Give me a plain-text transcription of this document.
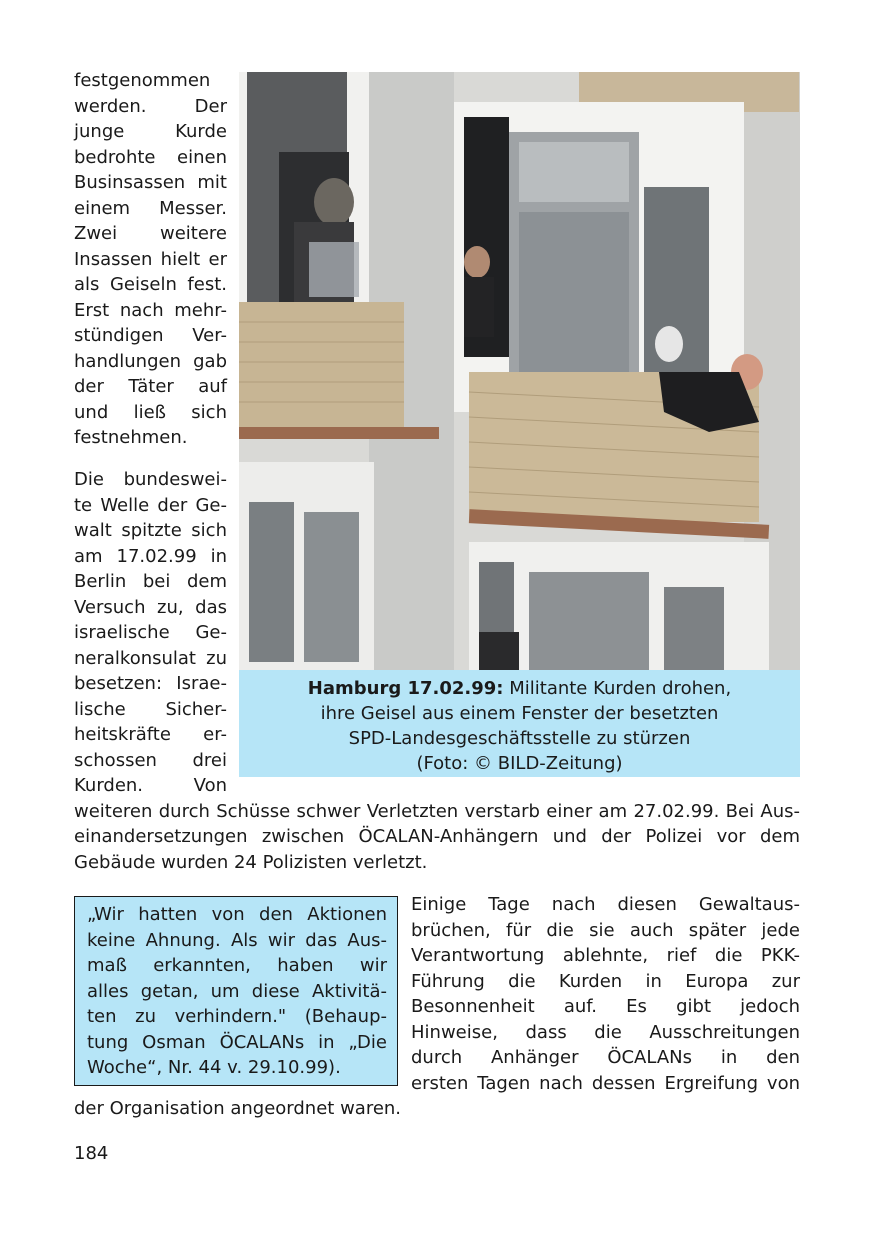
festgenommen
werden. Der
junge Kurde
bedrohte einen
Businsassen mit
einem Messer.
Zwei weitere
Insassen hielt er
als Geiseln fest.
Erst nach mehr-
stündigen Ver-
handlungen gab
der Täter auf
und ließ sich
festnehmen.
Die bundeswei-
te Welle der Ge-
walt spitzte sich
am 17.02.99 in
Berlin bei dem
Versuch zu, das
israelische Ge-
neralkonsulat zu
besetzen: Israe-
lische Sicher-
heitskräfte er-
schossen drei
Kurden. Von
Hamburg 17.02.99: Militante Kurden drohen,
ihre Geisel aus einem Fenster der besetzten
SPD-Landesgeschäftsstelle zu stürzen
(Foto: © BILD-Zeitung)
weiteren durch Schüsse schwer Verletzten verstarb einer am 27.02.99. Bei Aus-
einandersetzungen zwischen ÖCALAN-Anhängern und der Polizei vor dem
Gebäude wurden 24 Polizisten verletzt.
„Wir hatten von den Aktionen
keine Ahnung. Als wir das Aus-
maß erkannten, haben wir
alles getan, um diese Aktivitä-
ten zu verhindern." (Behaup-
tung Osman ÖCALANs in „Die
Woche“, Nr. 44 v. 29.10.99).
Einige Tage nach diesen Gewaltaus-
brüchen, für die sie auch später jede
Verantwortung ablehnte, rief die PKK-
Führung die Kurden in Europa zur
Besonnenheit auf. Es gibt jedoch
Hinweise, dass die Ausschreitungen
durch Anhänger ÖCALANs in den
ersten Tagen nach dessen Ergreifung von
der Organisation angeordnet waren.
184
